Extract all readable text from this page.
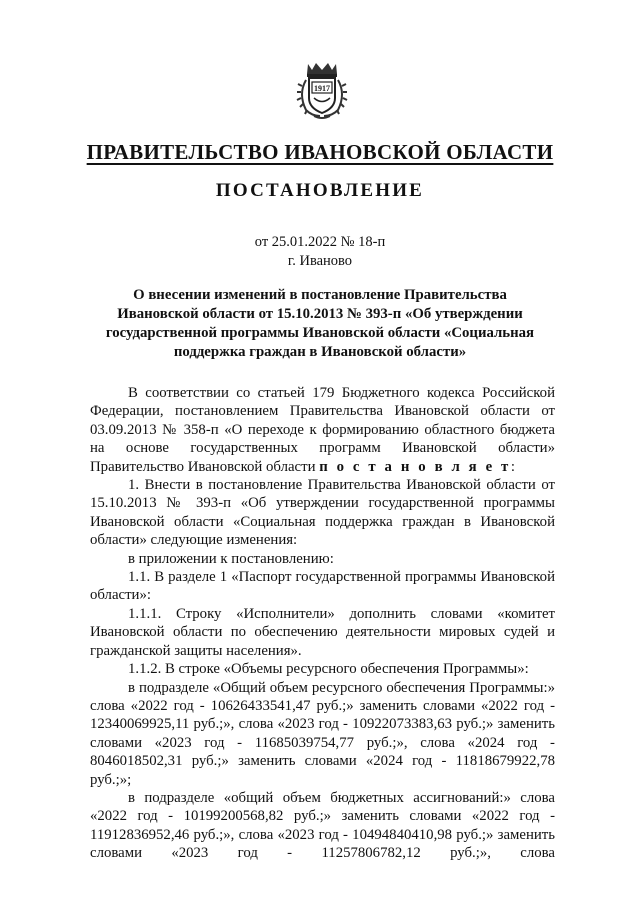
1917
ПРАВИТЕЛЬСТВО ИВАНОВСКОЙ ОБЛАСТИ
ПОСТАНОВЛЕНИЕ
от 25.01.2022 № 18-п
г. Иваново
О внесении изменений в постановление Правительства Ивановской области от 15.10.2013 № 393-п «Об утверждении государственной программы Ивановской области «Социальная поддержка граждан в Ивановской области»

В соответствии со статьей 179 Бюджетного кодекса Российской Федерации, постановлением Правительства Ивановской области от 03.09.2013 № 358-п «О переходе к формированию областного бюджета на основе государственных программ Ивановской области» Правительство Ивановской области п о с т а н о в л я е т:

1. Внести в постановление Правительства Ивановской области от 15.10.2013 № 393-п «Об утверждении государственной программы Ивановской области «Социальная поддержка граждан в Ивановской области» следующие изменения:

в приложении к постановлению:

1.1. В разделе 1 «Паспорт государственной программы Ивановской области»:

1.1.1. Строку «Исполнители» дополнить словами «комитет Ивановской области по обеспечению деятельности мировых судей и гражданской защиты населения».

1.1.2. В строке «Объемы ресурсного обеспечения Программы»:

в подразделе «Общий объем ресурсного обеспечения Программы:» слова «2022 год - 10626433541,47 руб.;» заменить словами «2022 год - 12340069925,11 руб.;», слова «2023 год - 10922073383,63 руб.;» заменить словами «2023 год - 11685039754,77 руб.;», слова «2024 год - 8046018502,31 руб.;» заменить словами «2024 год - 11818679922,78 руб.;»;

в подразделе «общий объем бюджетных ассигнований:» слова «2022 год - 10199200568,82 руб.;» заменить словами «2022 год - 11912836952,46 руб.;», слова «2023 год - 10494840410,98 руб.;» заменить словами «2023 год - 11257806782,12 руб.;», слова
